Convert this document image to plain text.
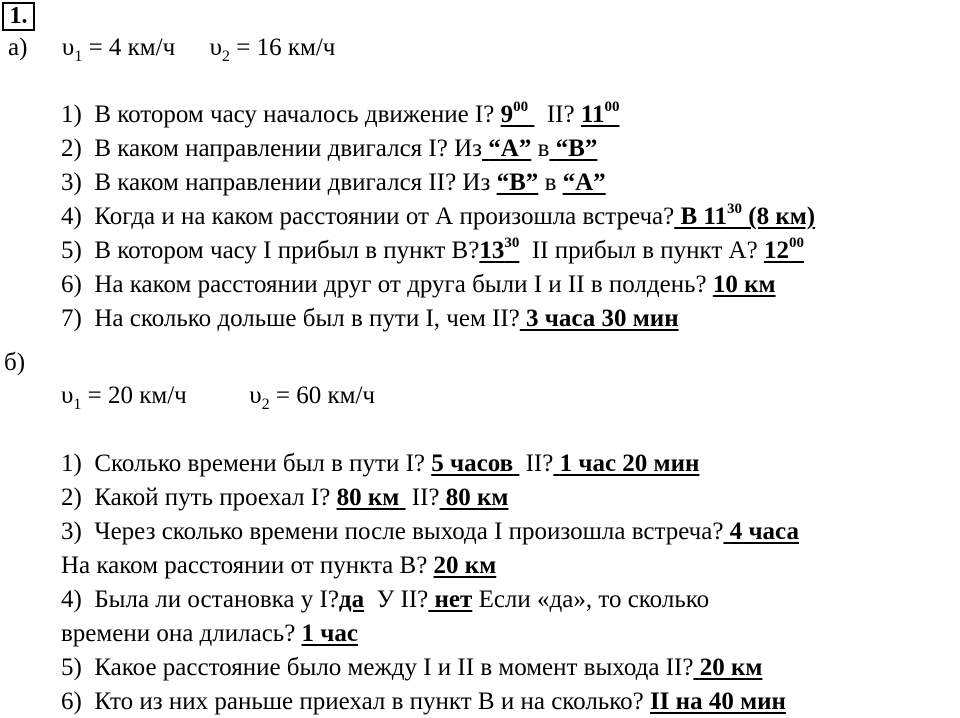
1.
а) $\upsilon_1 = 4$ км/ч $\upsilon_2 = 16$ км/ч
1) В котором часу началось движение I? $9^{00}$ II? $11^{00}$
2) В каком направлении двигался I? Из “А” в “В”
3) В каком направлении двигался II? Из “В” в “А”
4) Когда и на каком расстоянии от А произошла встреча? В $11^{30}$ (8 км)
5) В котором часу I прибыл в пункт $В?13^{30}$ II прибыл в пункт А? $12^{00}$
6) На каком расстоянии друг от друга были I и II в полдень? 10 км
7) На сколько дольше был в пути I, чем II? 3 часа 30 мин
б)
$\upsilon_1 = 20$ км/ч	$\upsilon_2 = 60$ км/ч
1) Сколько времени был в пути I? 5 часов II? 1 час 20 мин
2) Какой путь проехал I? 80 км II? 80 км
3) Через сколько времени после выхода I произошла встреча? 4 часа
На каком расстоянии от пункта В? 20 км
4) Была ли остановка у I?да У II? нет Если «да», то сколько
времени она длилась? 1 час
5) Какое расстояние было между I и II в момент выхода II? 20 км
6) Кто из них раньше приехал в пункт В и на сколько? II на 40 мин
